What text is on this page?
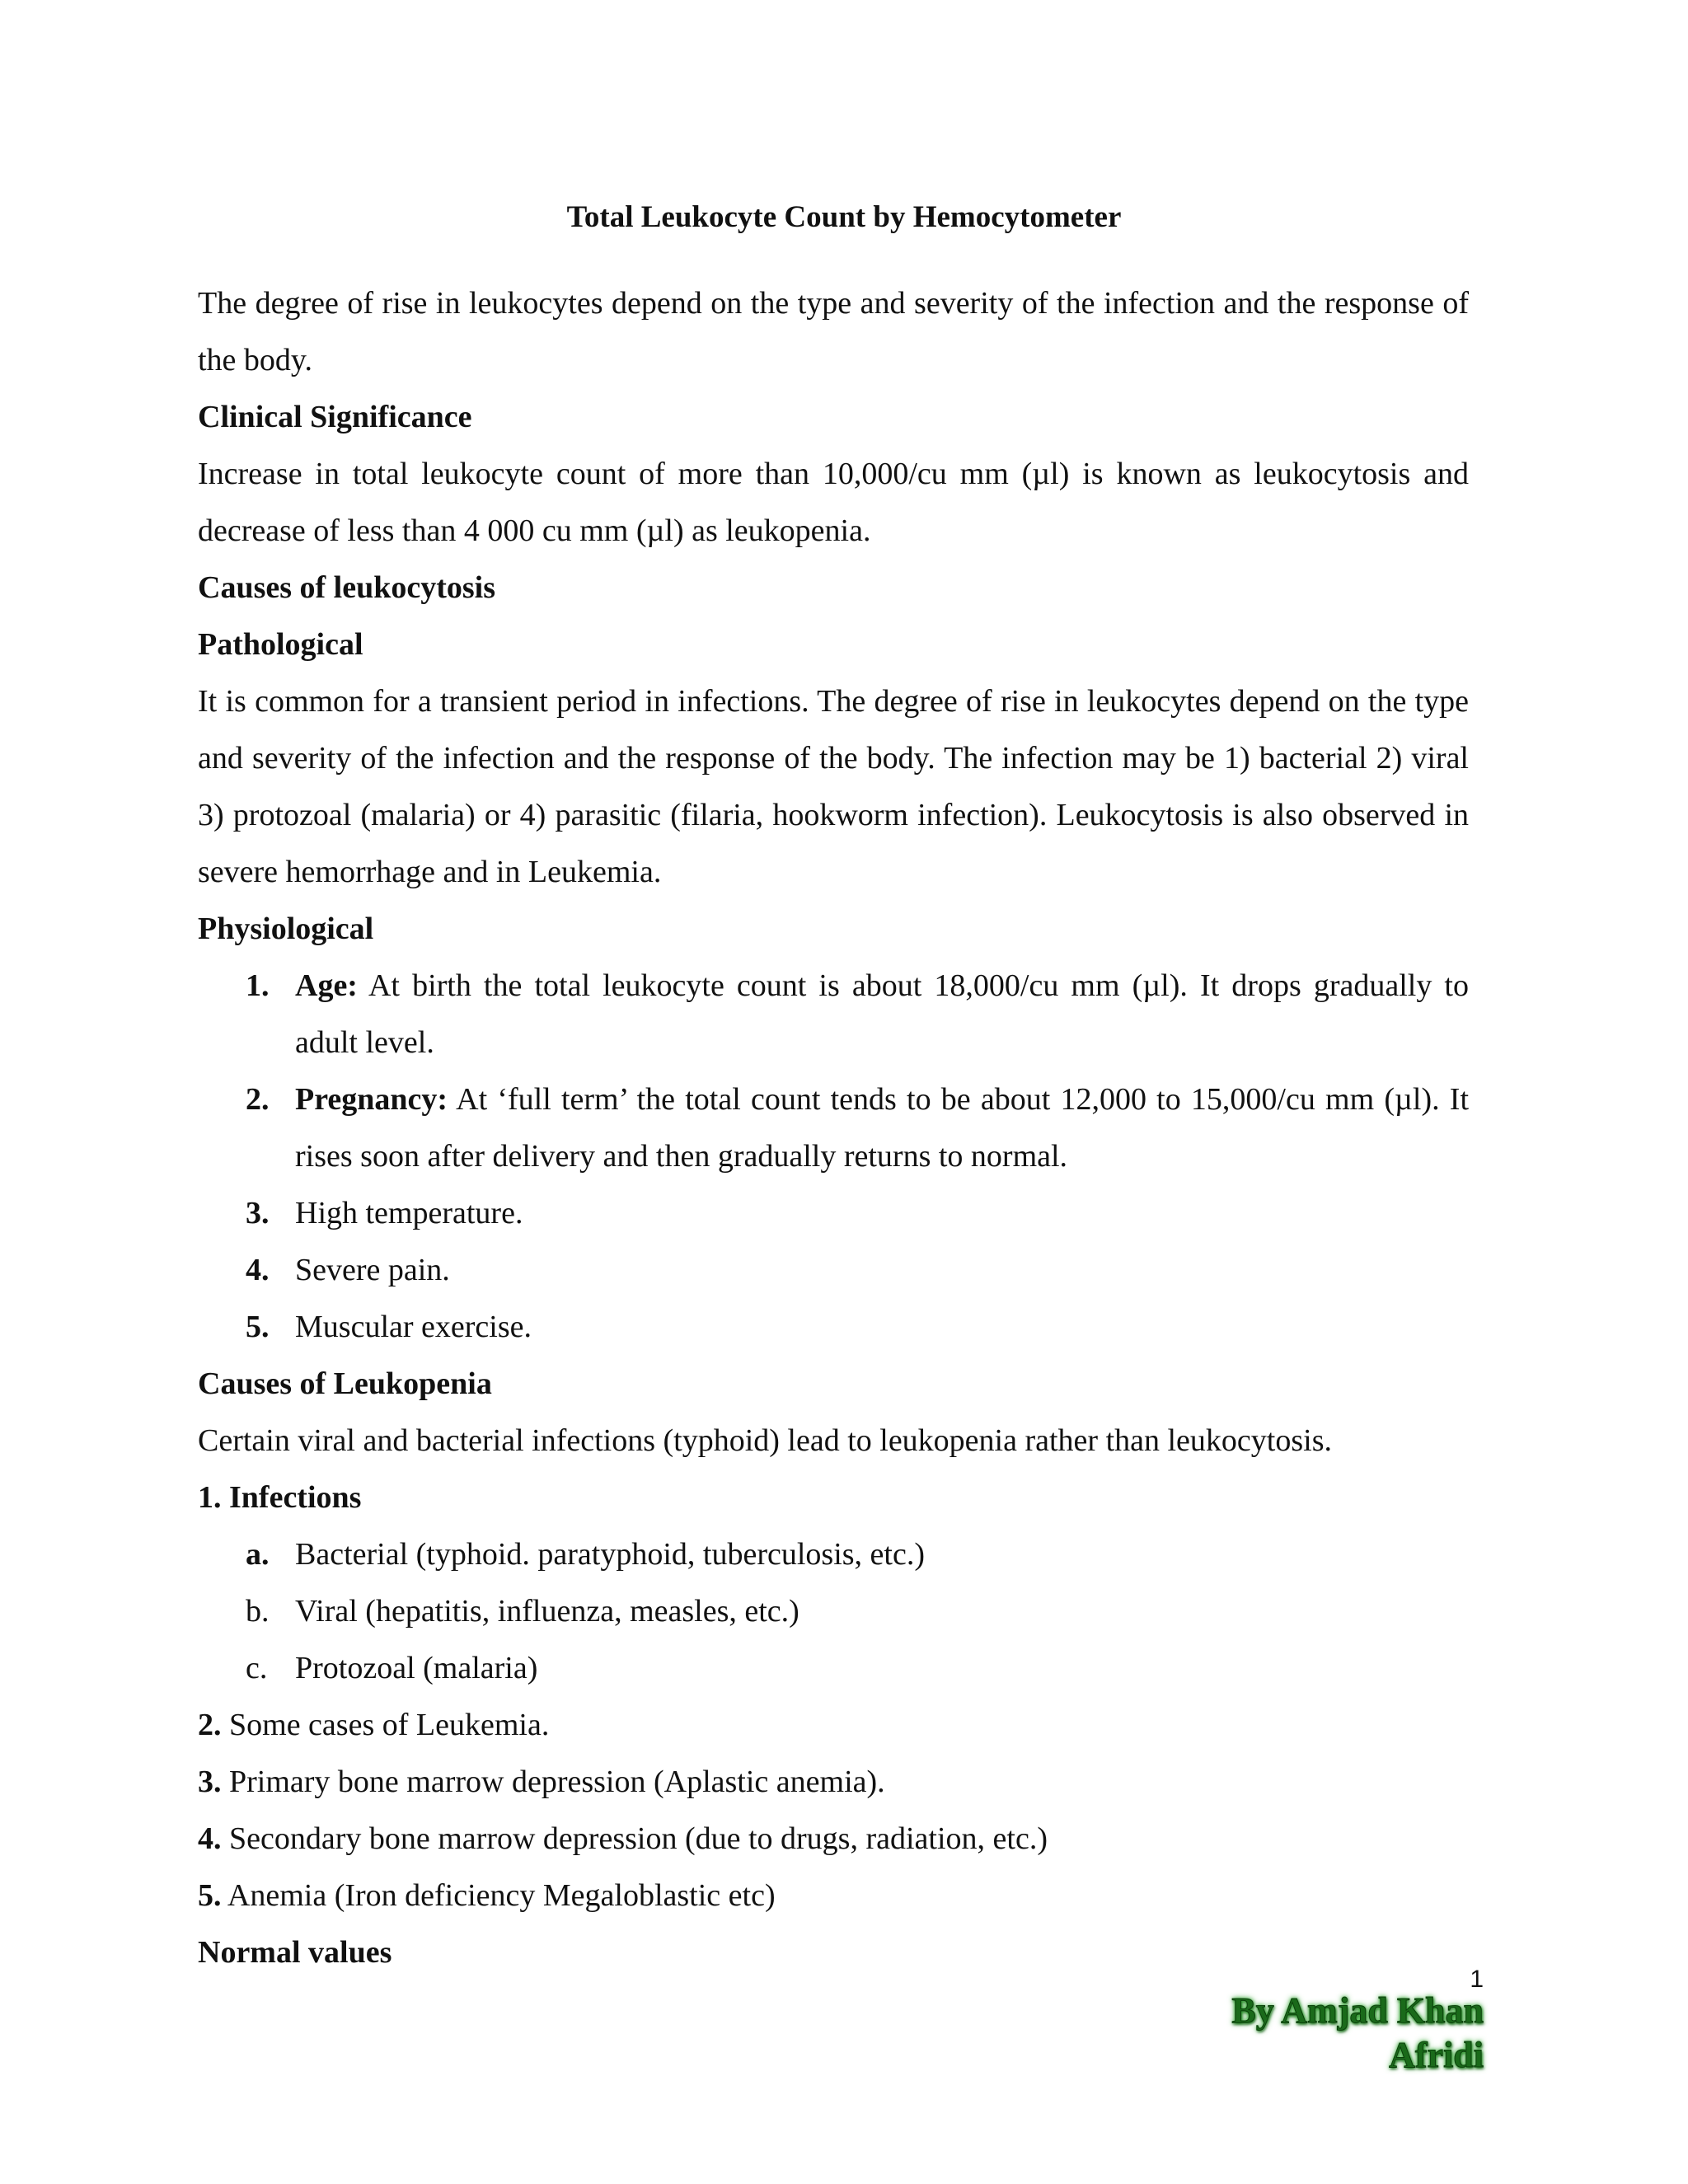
Total Leukocyte Count by Hemocytometer

The degree of rise in leukocytes depend on the type and severity of the infection and the response of the body.

Clinical Significance

Increase in total leukocyte count of more than 10,000/cu mm (µl) is known as leukocytosis and decrease of less than 4 000 cu mm (µl) as leukopenia.

Causes of leukocytosis

Pathological

It is common for a transient period in infections. The degree of rise in leukocytes depend on the type and severity of the infection and the response of the body. The infection may be 1) bacterial 2) viral 3) protozoal (malaria) or 4) parasitic (filaria, hookworm infection). Leukocytosis is also observed in severe hemorrhage and in Leukemia.

Physiological

1. Age: At birth the total leukocyte count is about 18,000/cu mm (µl). It drops gradually to adult level.

2. Pregnancy: At ‘full term’ the total count tends to be about 12,000 to 15,000/cu mm (µl). It rises soon after delivery and then gradually returns to normal.

3. High temperature.

4. Severe pain.

5. Muscular exercise.

Causes of Leukopenia

Certain viral and bacterial infections (typhoid) lead to leukopenia rather than leukocytosis.

1. Infections

a. Bacterial (typhoid. paratyphoid, tuberculosis, etc.)

b. Viral (hepatitis, influenza, measles, etc.)

c. Protozoal (malaria)

2. Some cases of Leukemia.

3. Primary bone marrow depression (Aplastic anemia).

4. Secondary bone marrow depression (due to drugs, radiation, etc.)

5. Anemia (Iron deficiency Megaloblastic etc)

Normal values

1
By Amjad Khan Afridi
